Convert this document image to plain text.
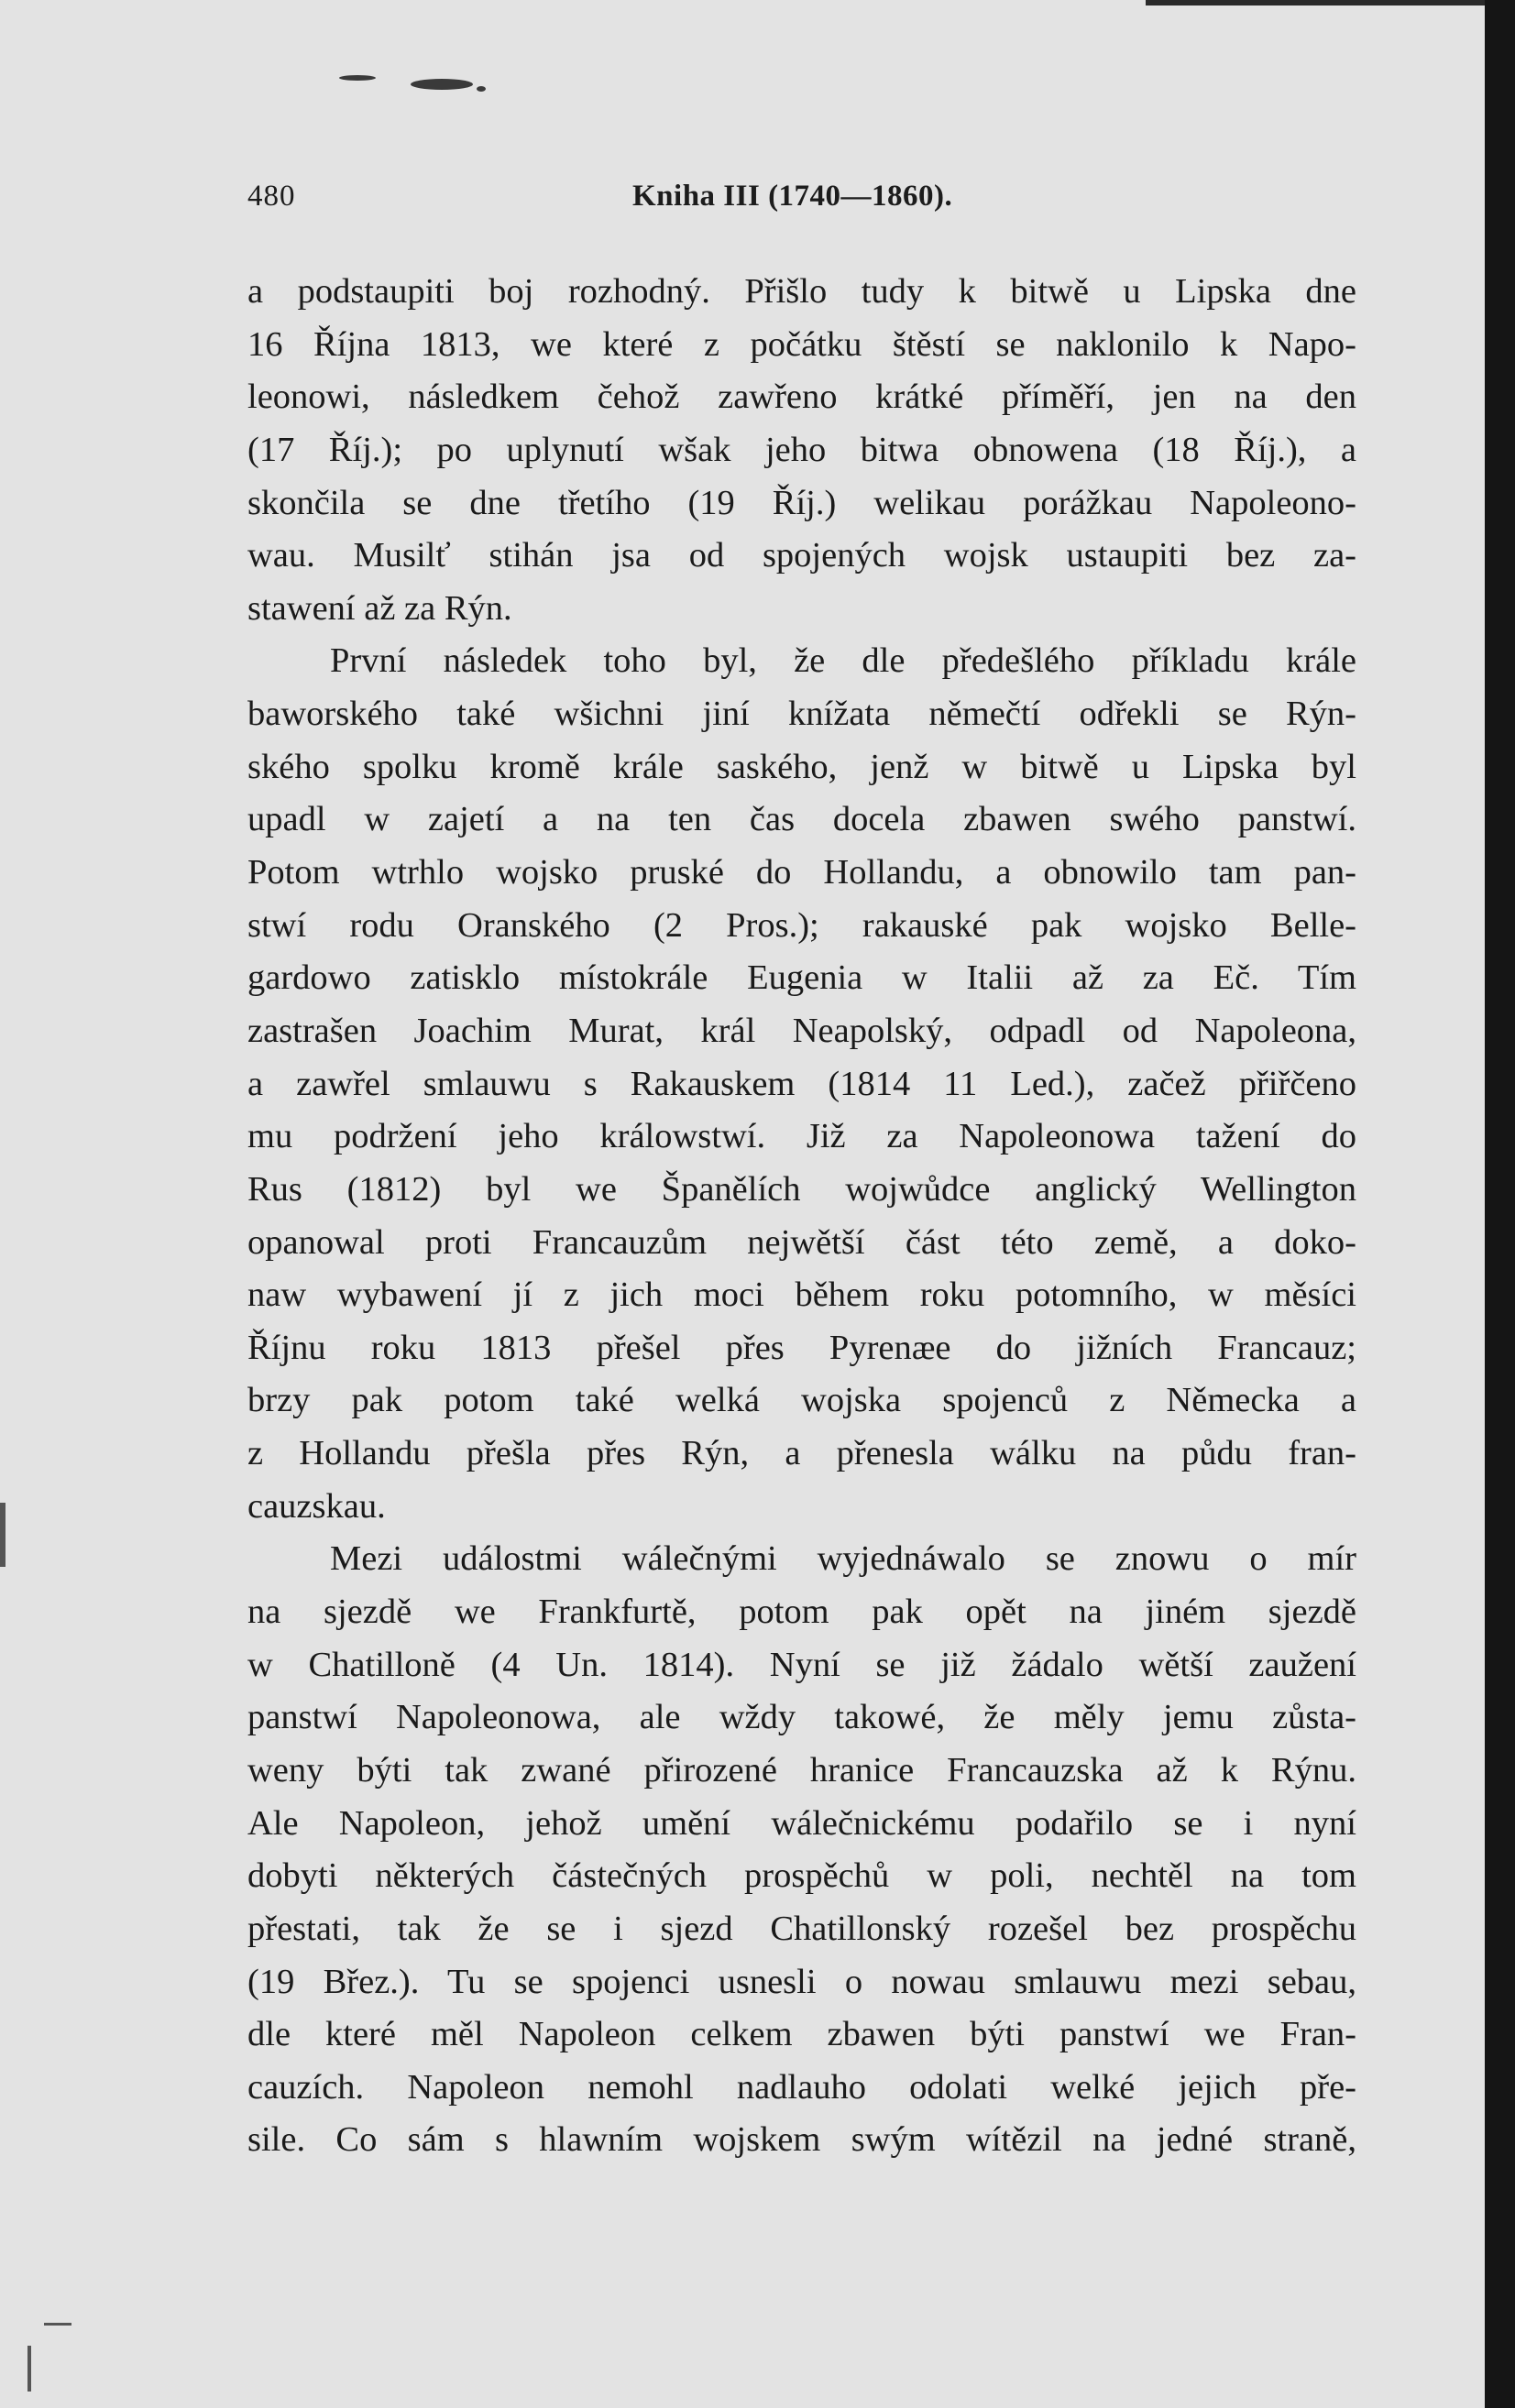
480	Kniha III (1740—1860).
a podstaupiti boj rozhodný. Přišlo tudy k bitwě u Lipska dne
16 Října 1813, we které z počátku štěstí se naklonilo k Napo-
leonowi, následkem čehož zawřeno krátké příměří, jen na den
(17 Říj.); po uplynutí wšak jeho bitwa obnowena (18 Říj.), a
skončila se dne třetího (19 Říj.) welikau porážkau Napoleono-
wau. Musilť stihán jsa od spojených wojsk ustaupiti bez za-
stawení až za Rýn.
První následek toho byl, že dle předešlého příkladu krále
baworského také wšichni jiní knížata němečtí odřekli se Rýn-
ského spolku kromě krále saského, jenž w bitwě u Lipska byl
upadl w zajetí a na ten čas docela zbawen swého panstwí.
Potom wtrhlo wojsko pruské do Hollandu, a obnowilo tam pan-
stwí rodu Oranského (2 Pros.); rakauské pak wojsko Belle-
gardowo zatisklo místokrále Eugenia w Italii až za Eč. Tím
zastrašen Joachim Murat, král Neapolský, odpadl od Napoleona,
a zawřel smlauwu s Rakauskem (1814 11 Led.), začež přiřčeno
mu podržení jeho králowstwí. Již za Napoleonowa tažení do
Rus (1812) byl we Španělích wojwůdce anglický Wellington
opanowal proti Francauzům nejwětší část této země, a doko-
naw wybawení jí z jich moci během roku potomního, w měsíci
Říjnu roku 1813 přešel přes Pyrenæe do jižních Francauz;
brzy pak potom také welká wojska spojenců z Německa a
z Hollandu přešla přes Rýn, a přenesla wálku na půdu fran-
cauzskau.
Mezi událostmi wálečnými wyjednáwalo se znowu o mír
na sjezdě we Frankfurtě, potom pak opět na jiném sjezdě
w Chatilloně (4 Un. 1814). Nyní se již žádalo wětší zaužení
panstwí Napoleonowa, ale wždy takowé, že měly jemu zůsta-
weny býti tak zwané přirozené hranice Francauzska až k Rýnu.
Ale Napoleon, jehož umění wálečnickému podařilo se i nyní
dobyti některých částečných prospěchů w poli, nechtěl na tom
přestati, tak že se i sjezd Chatillonský rozešel bez prospěchu
(19 Břez.). Tu se spojenci usnesli o nowau smlauwu mezi sebau,
dle které měl Napoleon celkem zbawen býti panstwí we Fran-
cauzích. Napoleon nemohl nadlauho odolati welké jejich pře-
sile. Co sám s hlawním wojskem swým wítězil na jedné straně,
